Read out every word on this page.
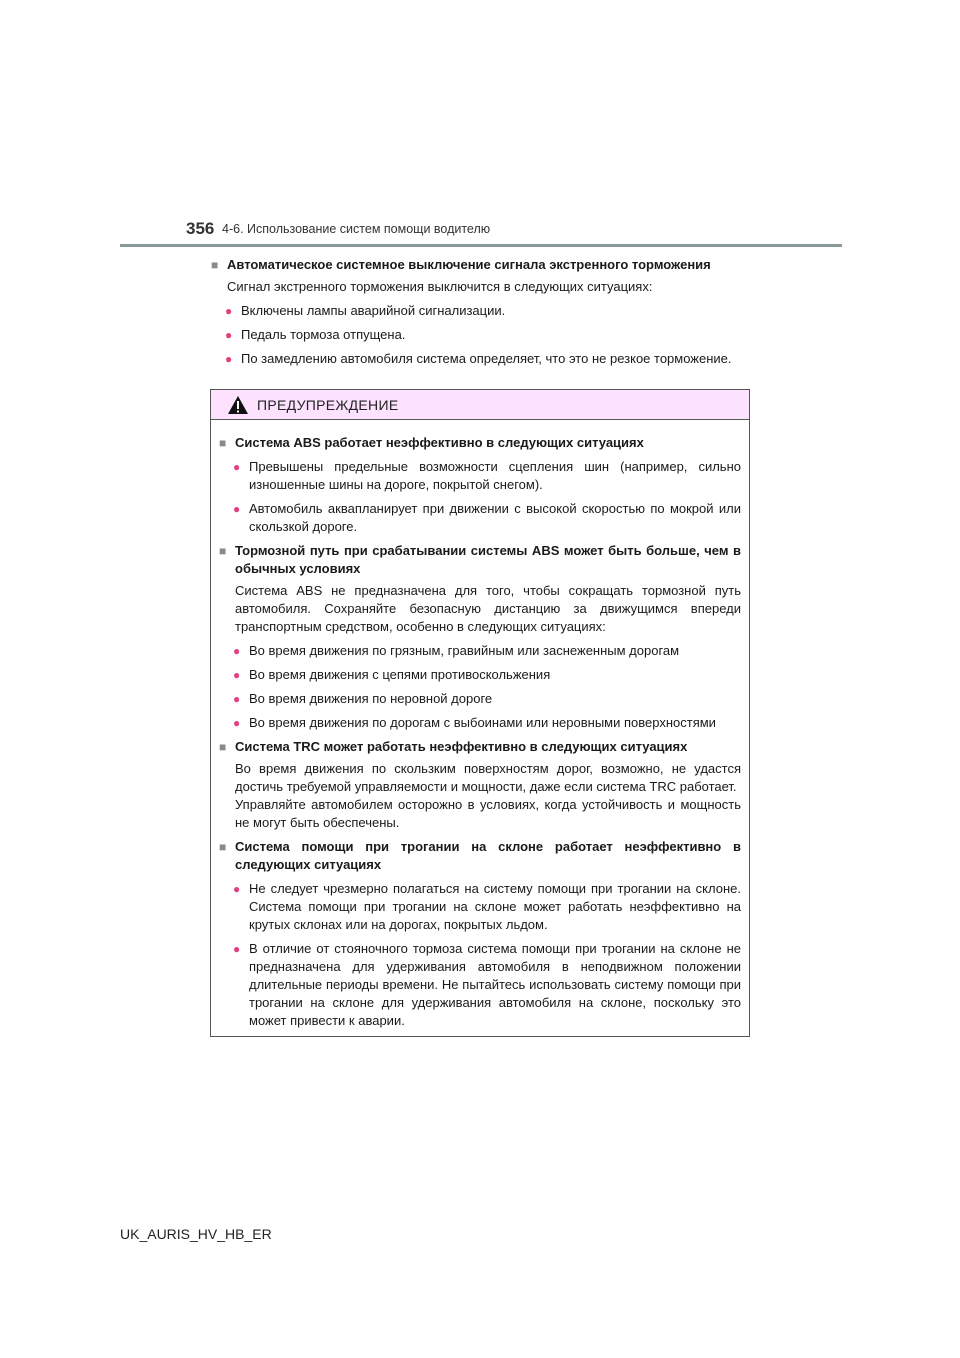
356 4-6. Использование систем помощи водителю
■ Автоматическое системное выключение сигнала экстренного торможения
Сигнал экстренного торможения выключится в следующих ситуациях:
● Включены лампы аварийной сигнализации.
● Педаль тормоза отпущена.
● По замедлению автомобиля система определяет, что это не резкое торможение.
ПРЕДУПРЕЖДЕНИЕ
■ Система ABS работает неэффективно в следующих ситуациях
● Превышены предельные возможности сцепления шин (например, сильно изношенные шины на дороге, покрытой снегом).
● Автомобиль аквапланирует при движении с высокой скоростью по мокрой или скользкой дороге.
■ Тормозной путь при срабатывании системы ABS может быть больше, чем в обычных условиях
Система ABS не предназначена для того, чтобы сокращать тормозной путь автомобиля. Сохраняйте безопасную дистанцию за движущимся впереди транспортным средством, особенно в следующих ситуациях:
● Во время движения по грязным, гравийным или заснеженным дорогам
● Во время движения с цепями противоскольжения
● Во время движения по неровной дороге
● Во время движения по дорогам с выбоинами или неровными поверхностями
■ Система TRC может работать неэффективно в следующих ситуациях
Во время движения по скользким поверхностям дорог, возможно, не удастся достичь требуемой управляемости и мощности, даже если система TRC работает.
Управляйте автомобилем осторожно в условиях, когда устойчивость и мощность не могут быть обеспечены.
■ Система помощи при трогании на склоне работает неэффективно в следующих ситуациях
● Не следует чрезмерно полагаться на систему помощи при трогании на склоне. Система помощи при трогании на склоне может работать неэффективно на крутых склонах или на дорогах, покрытых льдом.
● В отличие от стояночного тормоза система помощи при трогании на склоне не предназначена для удерживания автомобиля в неподвижном положении длительные периоды времени. Не пытайтесь использовать систему помощи при трогании на склоне для удерживания автомобиля на склоне, поскольку это может привести к аварии.
UK_AURIS_HV_HB_ER
